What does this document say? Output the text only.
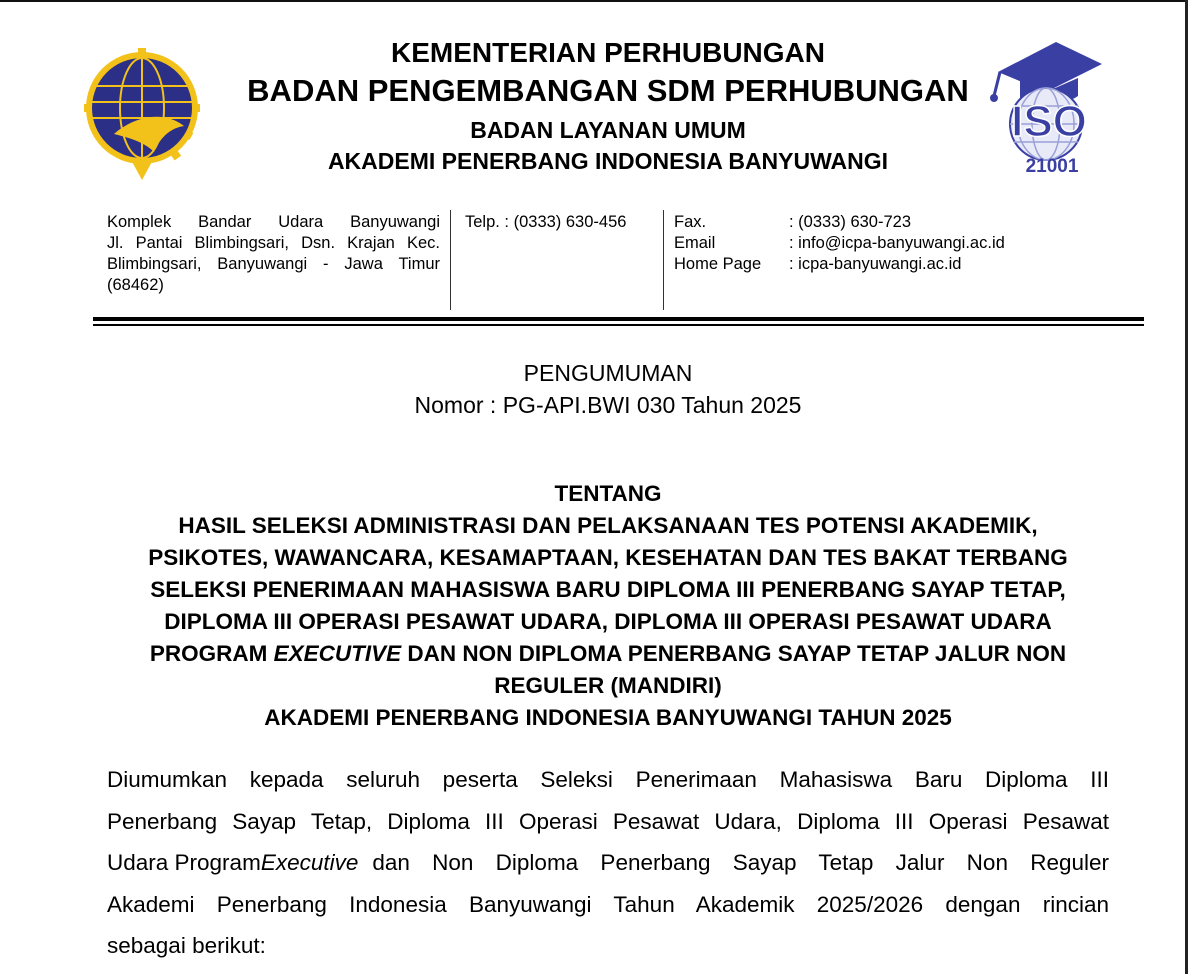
KEMENTERIAN PERHUBUNGAN
BADAN PENGEMBANGAN SDM PERHUBUNGAN
BADAN LAYANAN UMUM
AKADEMI PENERBANG INDONESIA BANYUWANGI
ISO
21001
Komplek Bandar Udara Banyuwangi
Jl. Pantai Blimbingsari, Dsn. Krajan Kec.
Blimbingsari, Banyuwangi - Jawa Timur
(68462)
Telp. : (0333) 630-456	Fax.	: (0333) 630-723
Email	: info@icpa-banyuwangi.ac.id
Home Page	: icpa-banyuwangi.ac.id
PENGUMUMAN
Nomor : PG-API.BWI 030 Tahun 2025
TENTANG
HASIL SELEKSI ADMINISTRASI DAN PELAKSANAAN TES POTENSI AKADEMIK,
PSIKOTES, WAWANCARA, KESAMAPTAAN, KESEHATAN DAN TES BAKAT TERBANG
SELEKSI PENERIMAAN MAHASISWA BARU DIPLOMA III PENERBANG SAYAP TETAP,
DIPLOMA III OPERASI PESAWAT UDARA, DIPLOMA III OPERASI PESAWAT UDARA
PROGRAM EXECUTIVE DAN NON DIPLOMA PENERBANG SAYAP TETAP JALUR NON
REGULER (MANDIRI)
AKADEMI PENERBANG INDONESIA BANYUWANGI TAHUN 2025
Diumumkan kepada seluruh peserta Seleksi Penerimaan Mahasiswa Baru Diploma III
Penerbang Sayap Tetap, Diploma III Operasi Pesawat Udara, Diploma III Operasi Pesawat
Udara Program Executive dan Non Diploma Penerbang Sayap Tetap Jalur Non Reguler
Akademi Penerbang Indonesia Banyuwangi Tahun Akademik 2025/2026 dengan rincian
sebagai berikut:
